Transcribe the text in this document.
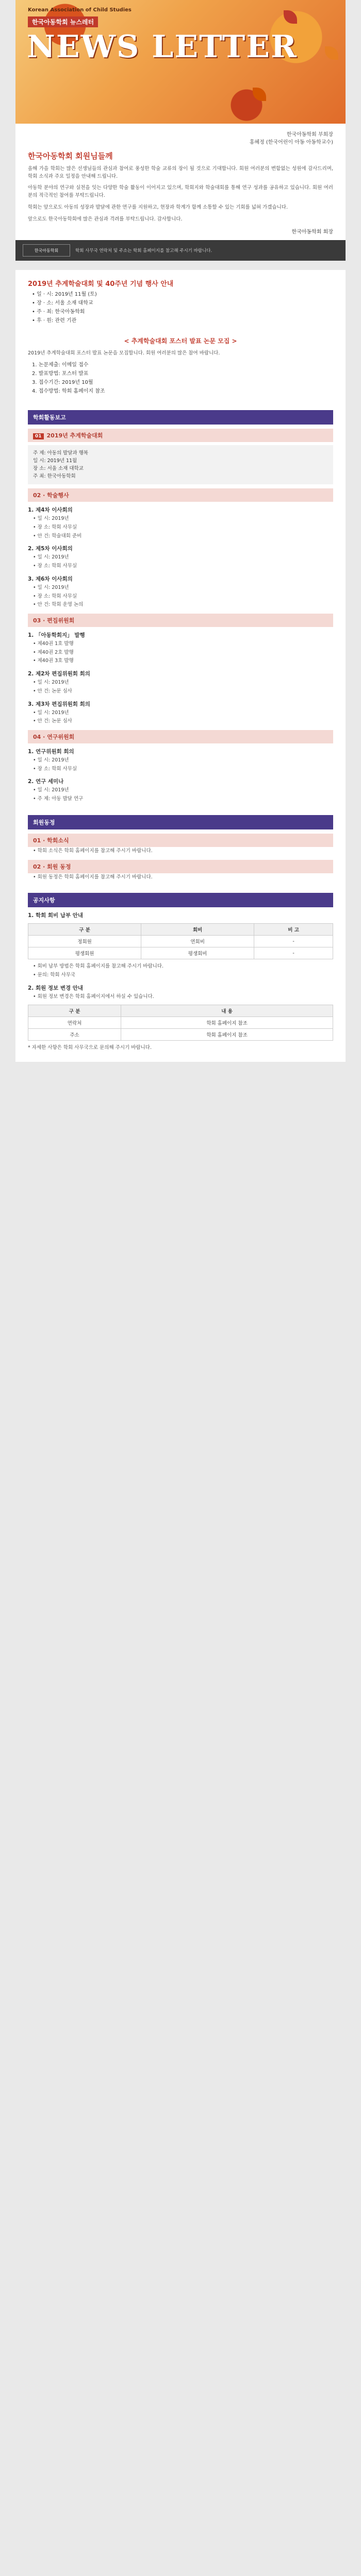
Korean Association of Child Studies
한국아동학회 뉴스레터
NEWS LETTER
한국아동학회 부회장
홍혜정 (한국어린이 아동 아동학교수)
한국아동학회 회원님들께

올해 가을 학회는 많은 선생님들의 관심과 참여로 풍성한 학술 교류의 장이 될 것으로 기대합니다. 회원 여러분의 변함없는 성원에 감사드리며, 학회 소식과 주요 일정을 안내해 드립니다.

아동학 분야의 연구와 실천을 잇는 다양한 학술 활동이 이어지고 있으며, 학회지와 학술대회를 통해 연구 성과를 공유하고 있습니다. 회원 여러분의 적극적인 참여를 부탁드립니다.

학회는 앞으로도 아동의 성장과 발달에 관한 연구를 지원하고, 현장과 학계가 함께 소통할 수 있는 기회를 넓혀 가겠습니다.

앞으로도 한국아동학회에 많은 관심과 격려를 부탁드립니다. 감사합니다.

한국아동학회 회장
한국아동학회	학회 사무국 연락처 및 주소는 학회 홈페이지를 참고해 주시기 바랍니다.
2019년 추계학술대회 및 40주년 기념 행사 안내
• 일 · 시: 2019년 11월 (토)
• 장 · 소: 서울 소재 대학교
• 주 · 최: 한국아동학회
• 후 · 원: 관련 기관
< 추계학술대회 포스터 발표 논문 모집 >
2019년 추계학술대회 포스터 발표 논문을 모집합니다. 회원 여러분의 많은 참여 바랍니다.
1. 논문제출: 이메일 접수
2. 발표방법: 포스터 발표
3. 접수기간: 2019년 10월
4. 접수방법: 학회 홈페이지 참조
학회활동보고
01 2019년 추계학술대회
주 제: 아동의 발달과 행복
일 시: 2019년 11월
장 소: 서울 소재 대학교
주 최: 한국아동학회
02 · 학술행사
1. 제4차 이사회의
• 일 시: 2019년
• 장 소: 학회 사무실
• 안 건: 학술대회 준비
2. 제5차 이사회의
• 일 시: 2019년
• 장 소: 학회 사무실
3. 제6차 이사회의
• 일 시: 2019년
• 장 소: 학회 사무실
• 안 건: 학회 운영 논의
03 · 편집위원회
1. 「아동학회지」 발행
• 제40권 1호 발행
• 제40권 2호 발행
• 제40권 3호 발행
2. 제2차 편집위원회 회의
• 일 시: 2019년
• 안 건: 논문 심사
3. 제3차 편집위원회 회의
• 일 시: 2019년
• 안 건: 논문 심사
04 · 연구위원회
1. 연구위원회 회의
• 일 시: 2019년
• 장 소: 학회 사무실
2. 연구 세미나
• 일 시: 2019년
• 주 제: 아동 발달 연구
회원동정
01 · 학회소식
• 학회 소식은 학회 홈페이지를 참고해 주시기 바랍니다.
02 · 회원 동정
• 회원 동정은 학회 홈페이지를 참고해 주시기 바랍니다.
공지사항
1. 학회 회비 납부 안내
구 분	회비	비 고
정회원	연회비	-
평생회원	평생회비	-
• 회비 납부 방법은 학회 홈페이지를 참고해 주시기 바랍니다.
• 문의: 학회 사무국
2. 회원 정보 변경 안내
• 회원 정보 변경은 학회 홈페이지에서 하실 수 있습니다.
구 분	내 용
연락처	학회 홈페이지 참조
주소	학회 홈페이지 참조
* 자세한 사항은 학회 사무국으로 문의해 주시기 바랍니다.
